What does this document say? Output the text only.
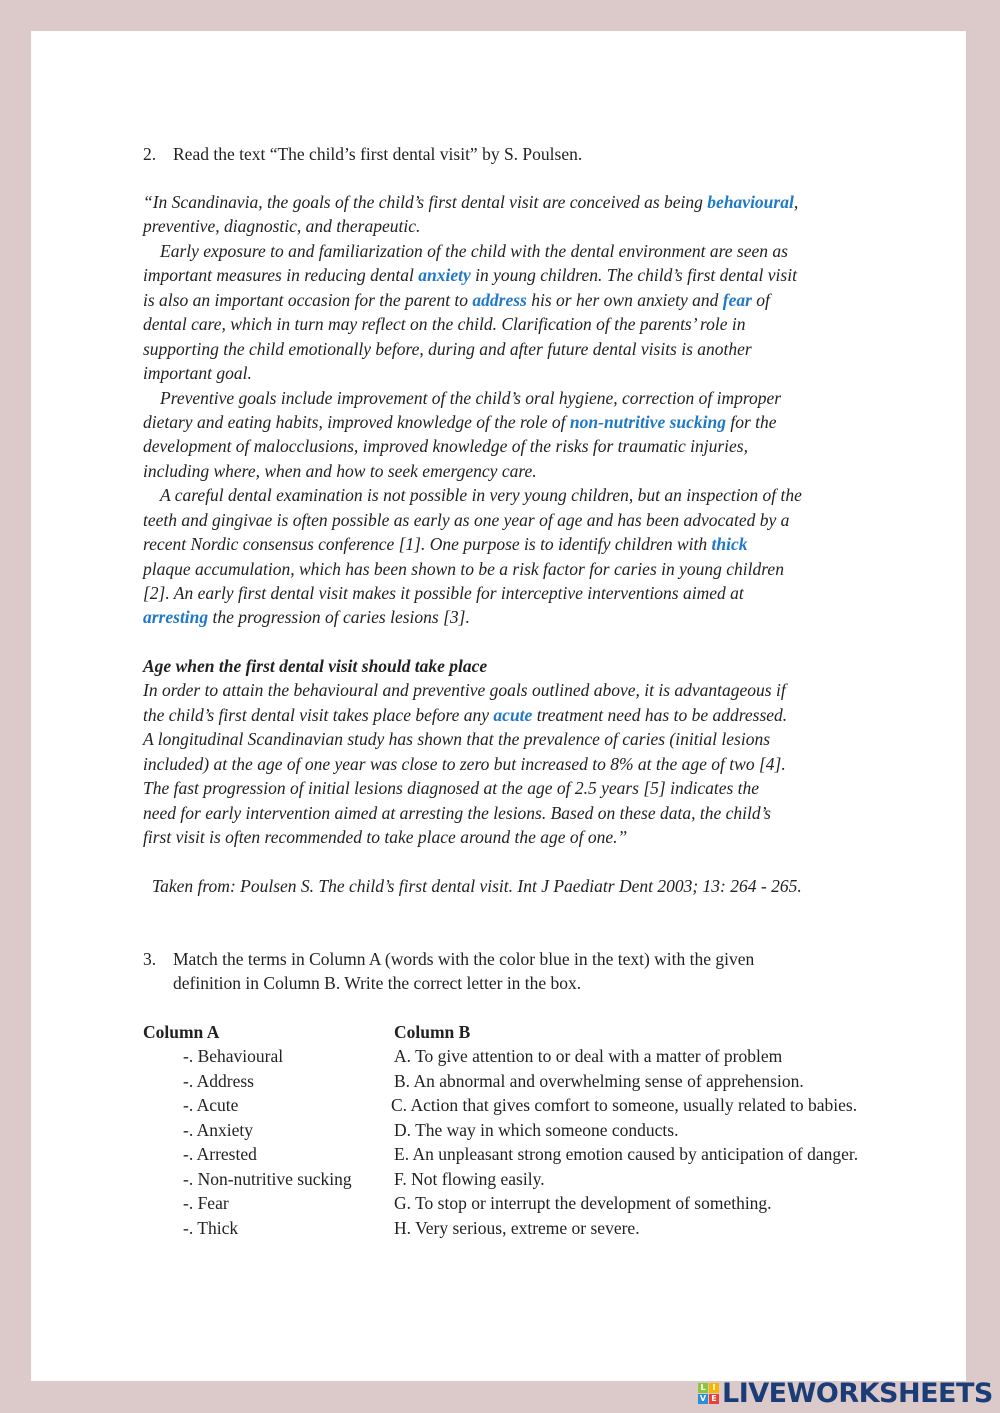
2. Read the text “The child’s first dental visit” by S. Poulsen.
“In Scandinavia, the goals of the child’s first dental visit are conceived as being behavioural,
preventive, diagnostic, and therapeutic.
Early exposure to and familiarization of the child with the dental environment are seen as
important measures in reducing dental anxiety in young children. The child’s first dental visit
is also an important occasion for the parent to address his or her own anxiety and fear of
dental care, which in turn may reflect on the child. Clarification of the parents’ role in
supporting the child emotionally before, during and after future dental visits is another
important goal.
Preventive goals include improvement of the child’s oral hygiene, correction of improper
dietary and eating habits, improved knowledge of the role of non-nutritive sucking for the
development of malocclusions, improved knowledge of the risks for traumatic injuries,
including where, when and how to seek emergency care.
A careful dental examination is not possible in very young children, but an inspection of the
teeth and gingivae is often possible as early as one year of age and has been advocated by a
recent Nordic consensus conference [1]. One purpose is to identify children with thick
plaque accumulation, which has been shown to be a risk factor for caries in young children
[2]. An early first dental visit makes it possible for interceptive interventions aimed at
arresting the progression of caries lesions [3].
Age when the first dental visit should take place
In order to attain the behavioural and preventive goals outlined above, it is advantageous if
the child’s first dental visit takes place before any acute treatment need has to be addressed.
A longitudinal Scandinavian study has shown that the prevalence of caries (initial lesions
included) at the age of one year was close to zero but increased to 8% at the age of two [4].
The fast progression of initial lesions diagnosed at the age of 2.5 years [5] indicates the
need for early intervention aimed at arresting the lesions. Based on these data, the child’s
first visit is often recommended to take place around the age of one.”
Taken from: Poulsen S. The child’s first dental visit. Int J Paediatr Dent 2003; 13: 264 - 265.
3. Match the terms in Column A (words with the color blue in the text) with the given
definition in Column B. Write the correct letter in the box.
Column A	Column B
-. Behavioural	A. To give attention to or deal with a matter of problem
-. Address	B. An abnormal and overwhelming sense of apprehension.
-. Acute	C. Action that gives comfort to someone, usually related to babies.
-. Anxiety	D. The way in which someone conducts.
-. Arrested	E. An unpleasant strong emotion caused by anticipation of danger.
-. Non-nutritive sucking F. Not flowing easily.
-. Fear	G. To stop or interrupt the development of something.
-. Thick	H. Very serious, extreme or severe.
L I
V E LIVEWORKSHEETS
